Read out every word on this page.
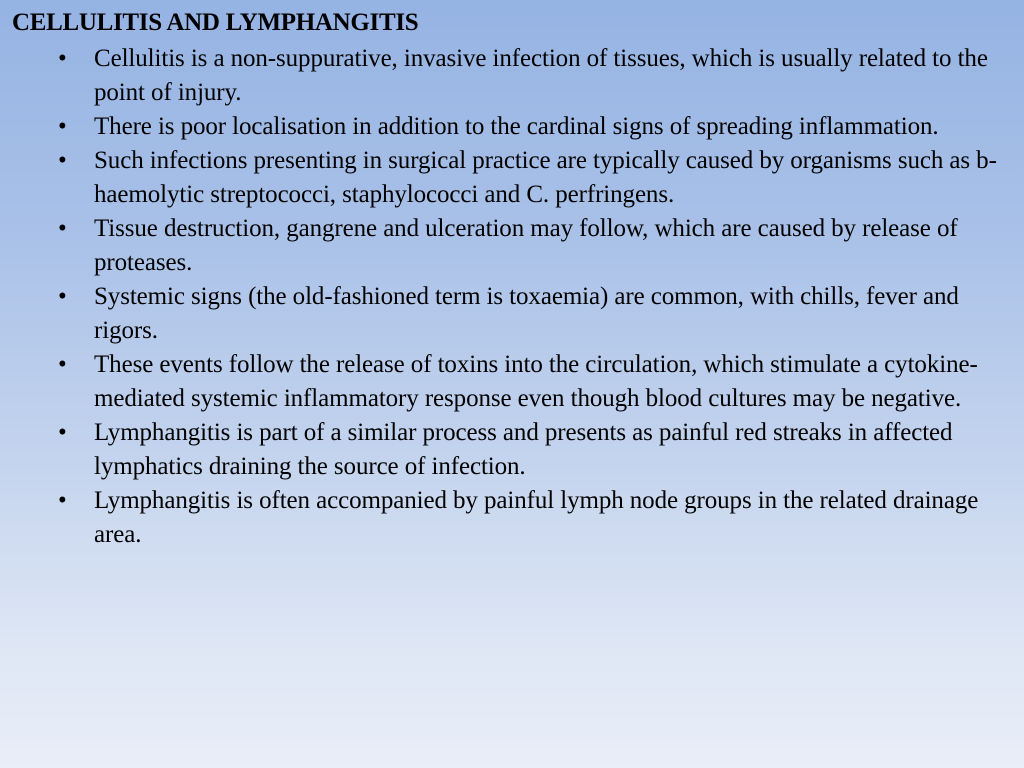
CELLULITIS AND LYMPHANGITIS
• Cellulitis is a non-suppurative, invasive infection of tissues, which is usually related to the point of injury.
• There is poor localisation in addition to the cardinal signs of spreading inflammation.
• Such infections presenting in surgical practice are typically caused by organisms such as b-haemolytic streptococci, staphylococci and C. perfringens.
• Tissue destruction, gangrene and ulceration may follow, which are caused by release of proteases.
• Systemic signs (the old-fashioned term is toxaemia) are common, with chills, fever and rigors.
• These events follow the release of toxins into the circulation, which stimulate a cytokine-mediated systemic inflammatory response even though blood cultures may be negative.
• Lymphangitis is part of a similar process and presents as painful red streaks in affected lymphatics draining the source of infection.
• Lymphangitis is often accompanied by painful lymph node groups in the related drainage area.
